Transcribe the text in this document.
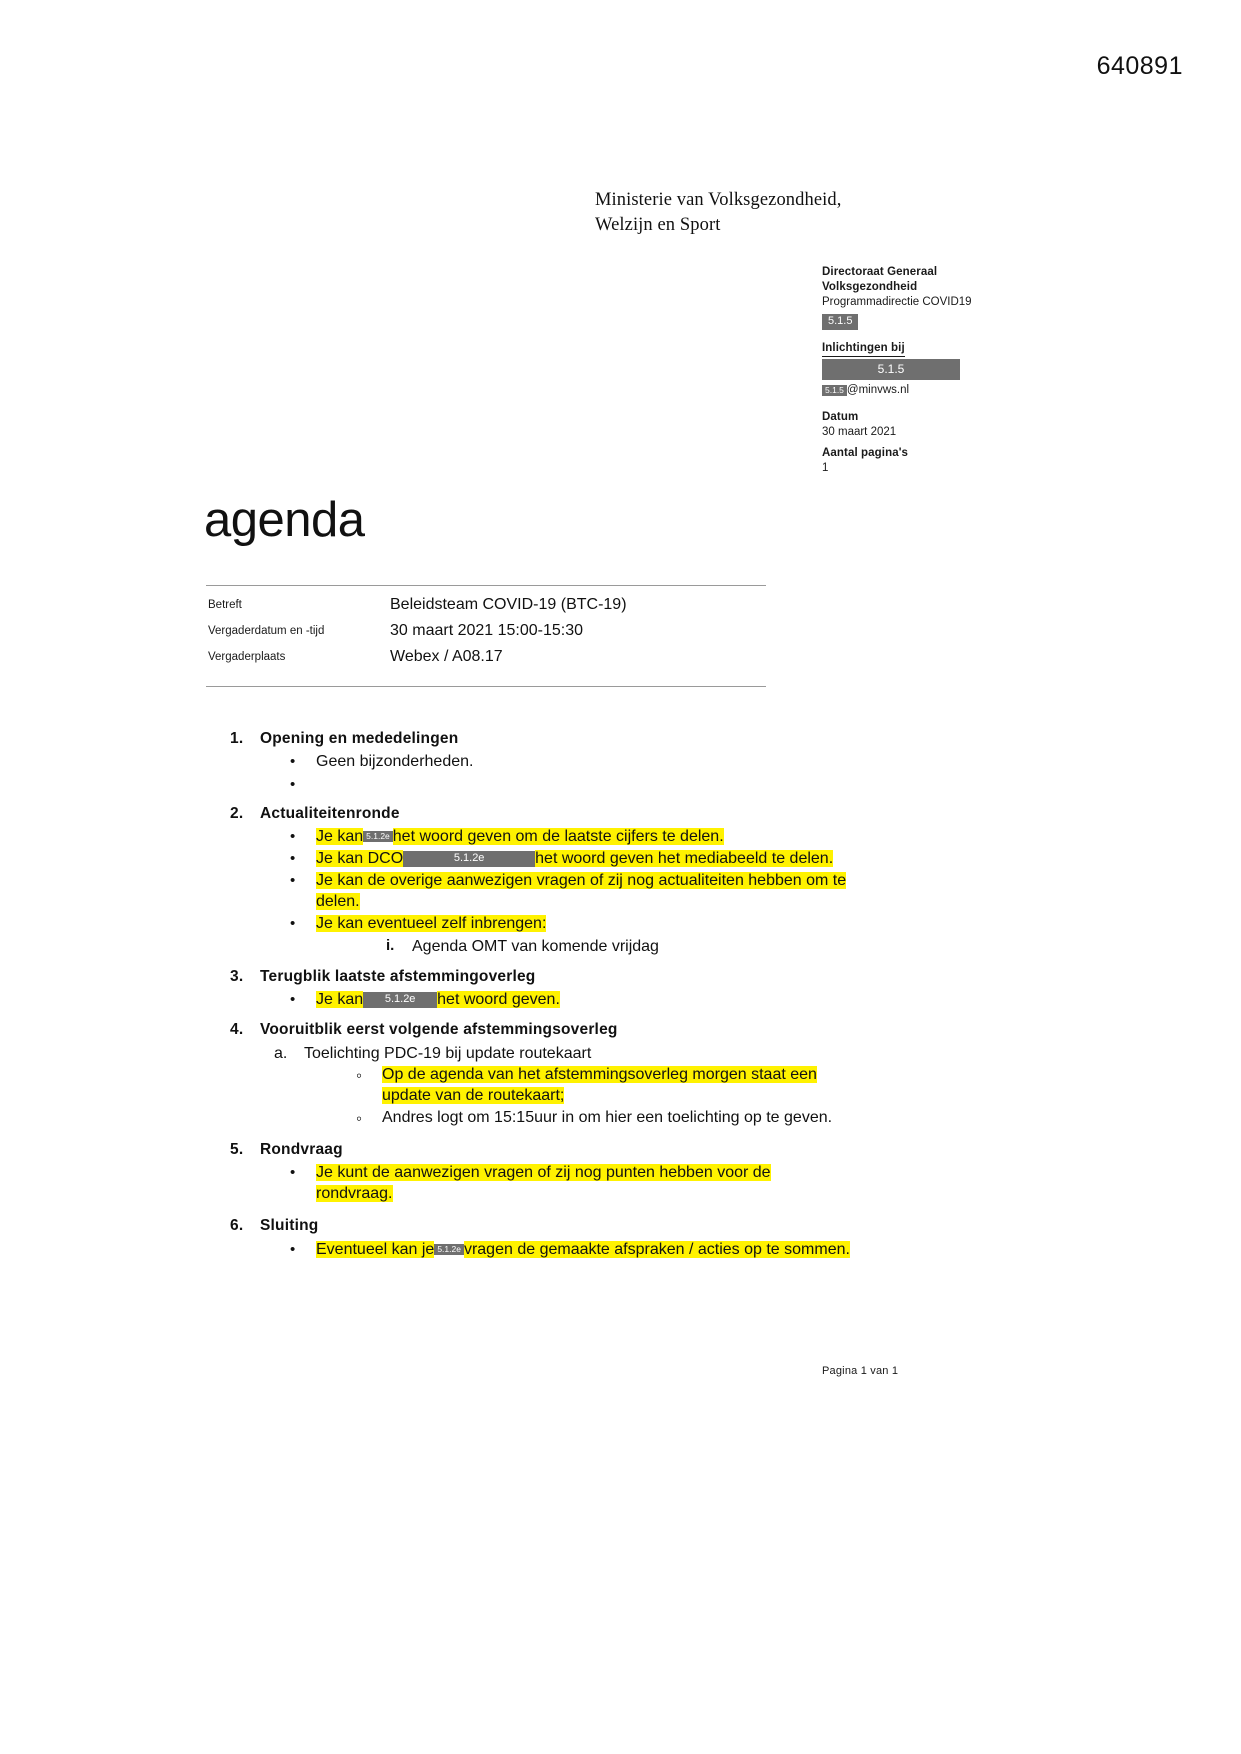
640891
Ministerie van Volksgezondheid,
Welzijn en Sport
Directoraat Generaal
Volksgezondheid
Programmadirectie COVID19
5.1.5
Inlichtingen bij
5.1.5
5.1.5 @minvws.nl
Datum
30 maart 2021
Aantal pagina's
1
agenda
Betreft	Beleidsteam COVID-19 (BTC-19)
Vergaderdatum en -tijd	30 maart 2021 15:00-15:30
Vergaderplaats	Webex / A08.17
1.	Opening en mededelingen
•
Geen bijzonderheden.
•
2.	Actualiteitenronde
•
Je kan 5.1.2e het woord geven om de laatste cijfers te delen.
•
Je kan DCO	5.1.2e	het woord geven het mediabeeld te delen.
•
Je kan de overige aanwezigen vragen of zij nog actualiteiten hebben om te delen.
•
Je kan eventueel zelf inbrengen:
i.	Agenda OMT van komende vrijdag
3.	Terugblik laatste afstemmingoverleg
•
Je kan 5.1.2e het woord geven.
4.	Vooruitblik eerst volgende afstemmingsoverleg
a.	Toelichting PDC-19 bij update routekaart
◦
Op de agenda van het afstemmingsoverleg morgen staat een update van de routekaart;
◦
Andres logt om 15:15uur in om hier een toelichting op te geven.
5.	Rondvraag
•
Je kunt de aanwezigen vragen of zij nog punten hebben voor de rondvraag.
6.	Sluiting
•
Eventueel kan je 5.1.2e vragen de gemaakte afspraken / acties op te sommen.
Pagina 1 van 1
